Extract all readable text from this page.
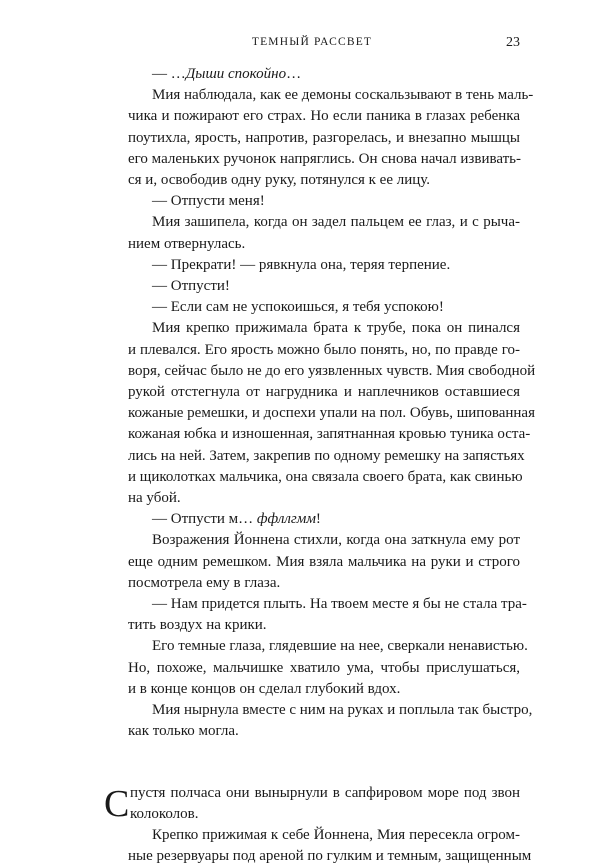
ТЕМНЫЙ РАССВЕТ	23

— …Дыши спокойно…

Мия наблюдала, как ее демоны соскальзывают в тень маль-
чика и пожирают его страх. Но если паника в глазах ребенка
поутихла, ярость, напротив, разгорелась, и внезапно мышцы
его маленьких ручонок напряглись. Он снова начал извивать-
ся и, освободив одну руку, потянулся к ее лицу.

— Отпусти меня!

Мия зашипела, когда он задел пальцем ее глаз, и с рыча-
нием отвернулась.

— Прекрати! — рявкнула она, теряя терпение.

— Отпусти!

— Если сам не успокоишься, я тебя успокою!

Мия крепко прижимала брата к трубе, пока он пинался
и плевался. Его ярость можно было понять, но, по правде го-
воря, сейчас было не до его уязвленных чувств. Мия свободной
рукой отстегнула от нагрудника и наплечников оставшиеся
кожаные ремешки, и доспехи упали на пол. Обувь, шипованная
кожаная юбка и изношенная, запятнанная кровью туника оста-
лись на ней. Затем, закрепив по одному ремешку на запястьях
и щиколотках мальчика, она связала своего брата, как свинью
на убой.

— Отпусти м… ффллгмм!

Возражения Йоннена стихли, когда она заткнула ему рот
еще одним ремешком. Мия взяла мальчика на руки и строго
посмотрела ему в глаза.

— Нам придется плыть. На твоем месте я бы не стала тра-
тить воздух на крики.

Его темные глаза, глядевшие на нее, сверкали ненавистью.
Но, похоже, мальчишке хватило ума, чтобы прислушаться,
и в конце концов он сделал глубокий вдох.

Мия нырнула вместе с ним на руках и поплыла так быстро,
как только могла.

С пустя полчаса они вынырнули в сапфировом море под звон
колоколов.

Крепко прижимая к себе Йоннена, Мия пересекла огром-
ные резервуары под ареной по гулким и темным, защищенным
